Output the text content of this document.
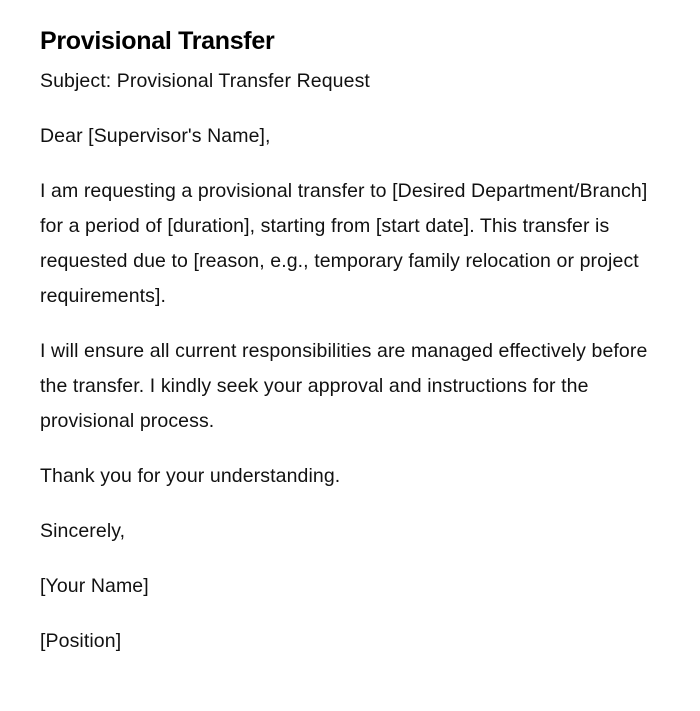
Provisional Transfer

Subject: Provisional Transfer Request

Dear [Supervisor's Name],

I am requesting a provisional transfer to [Desired Department/Branch] for a period of [duration], starting from [start date]. This transfer is requested due to [reason, e.g., temporary family relocation or project requirements].

I will ensure all current responsibilities are managed effectively before the transfer. I kindly seek your approval and instructions for the provisional process.

Thank you for your understanding.

Sincerely,

[Your Name]

[Position]
